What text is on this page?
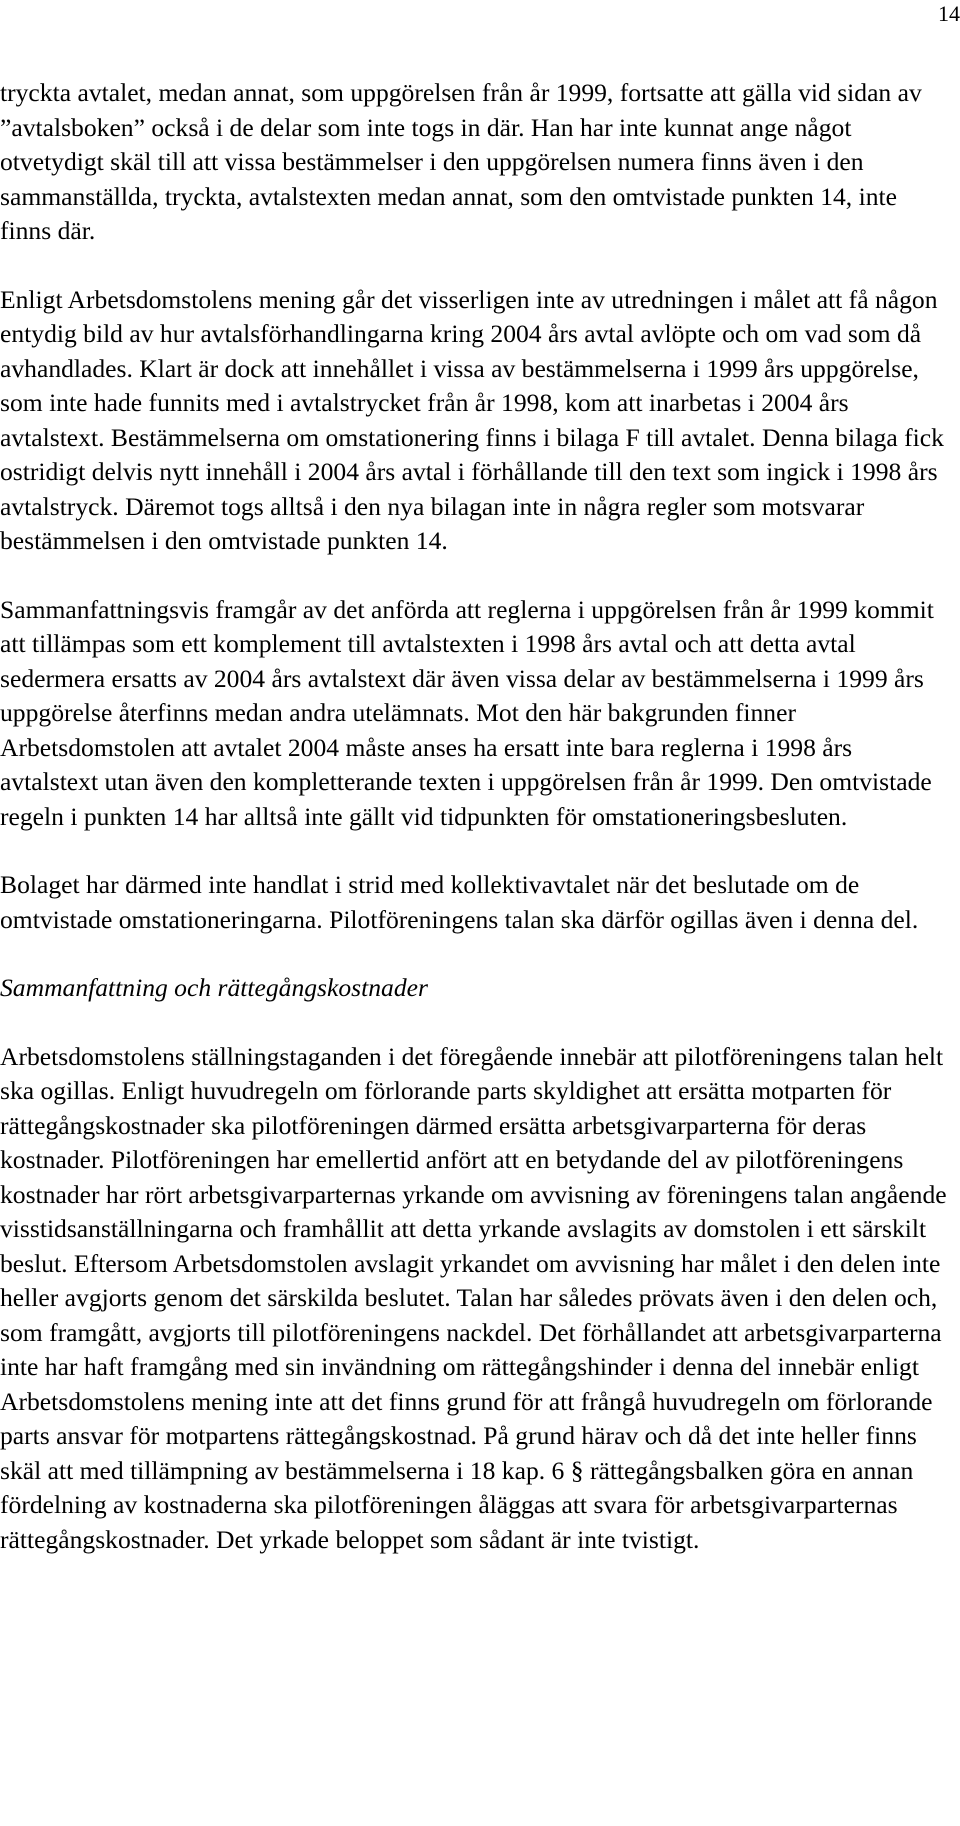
14

tryckta avtalet, medan annat, som uppgörelsen från år 1999, fortsatte att gälla vid sidan av ”avtalsboken” också i de delar som inte togs in där. Han har inte kunnat ange något otvetydigt skäl till att vissa bestämmelser i den uppgörelsen numera finns även i den sammanställda, tryckta, avtalstexten medan annat, som den omtvistade punkten 14, inte finns där.

Enligt Arbetsdomstolens mening går det visserligen inte av utredningen i målet att få någon entydig bild av hur avtalsförhandlingarna kring 2004 års avtal avlöpte och om vad som då avhandlades. Klart är dock att innehållet i vissa av bestämmelserna i 1999 års uppgörelse, som inte hade funnits med i avtalstrycket från år 1998, kom att inarbetas i 2004 års avtalstext. Bestämmelserna om omstationering finns i bilaga F till avtalet. Denna bilaga fick ostridigt delvis nytt innehåll i 2004 års avtal i förhållande till den text som ingick i 1998 års avtalstryck. Däremot togs alltså i den nya bilagan inte in några regler som motsvarar bestämmelsen i den omtvistade punkten 14.

Sammanfattningsvis framgår av det anförda att reglerna i uppgörelsen från år 1999 kommit att tillämpas som ett komplement till avtalstexten i 1998 års avtal och att detta avtal sedermera ersatts av 2004 års avtalstext där även vissa delar av bestämmelserna i 1999 års uppgörelse återfinns medan andra utelämnats. Mot den här bakgrunden finner Arbetsdomstolen att avtalet 2004 måste anses ha ersatt inte bara reglerna i 1998 års avtalstext utan även den kompletterande texten i uppgörelsen från år 1999. Den omtvistade regeln i punkten 14 har alltså inte gällt vid tidpunkten för omstationeringsbesluten.

Bolaget har därmed inte handlat i strid med kollektivavtalet när det beslutade om de omtvistade omstationeringarna. Pilotföreningens talan ska därför ogillas även i denna del.

Sammanfattning och rättegångskostnader

Arbetsdomstolens ställningstaganden i det föregående innebär att pilotföreningens talan helt ska ogillas. Enligt huvudregeln om förlorande parts skyldighet att ersätta motparten för rättegångskostnader ska pilotföreningen därmed ersätta arbetsgivarparterna för deras kostnader. Pilotföreningen har emellertid anfört att en betydande del av pilotföreningens kostnader har rört arbetsgivarparternas yrkande om avvisning av föreningens talan angående visstidsanställningarna och framhållit att detta yrkande avslagits av domstolen i ett särskilt beslut. Eftersom Arbetsdomstolen avslagit yrkandet om avvisning har målet i den delen inte heller avgjorts genom det särskilda beslutet. Talan har således prövats även i den delen och, som framgått, avgjorts till pilotföreningens nackdel. Det förhållandet att arbetsgivarparterna inte har haft framgång med sin invändning om rättegångshinder i denna del innebär enligt Arbetsdomstolens mening inte att det finns grund för att frångå huvudregeln om förlorande parts ansvar för motpartens rättegångskostnad. På grund härav och då det inte heller finns skäl att med tillämpning av bestämmelserna i 18 kap. 6 § rättegångsbalken göra en annan fördelning av kostnaderna ska pilotföreningen åläggas att svara för arbetsgivarparternas rättegångskostnader. Det yrkade beloppet som sådant är inte tvistigt.
